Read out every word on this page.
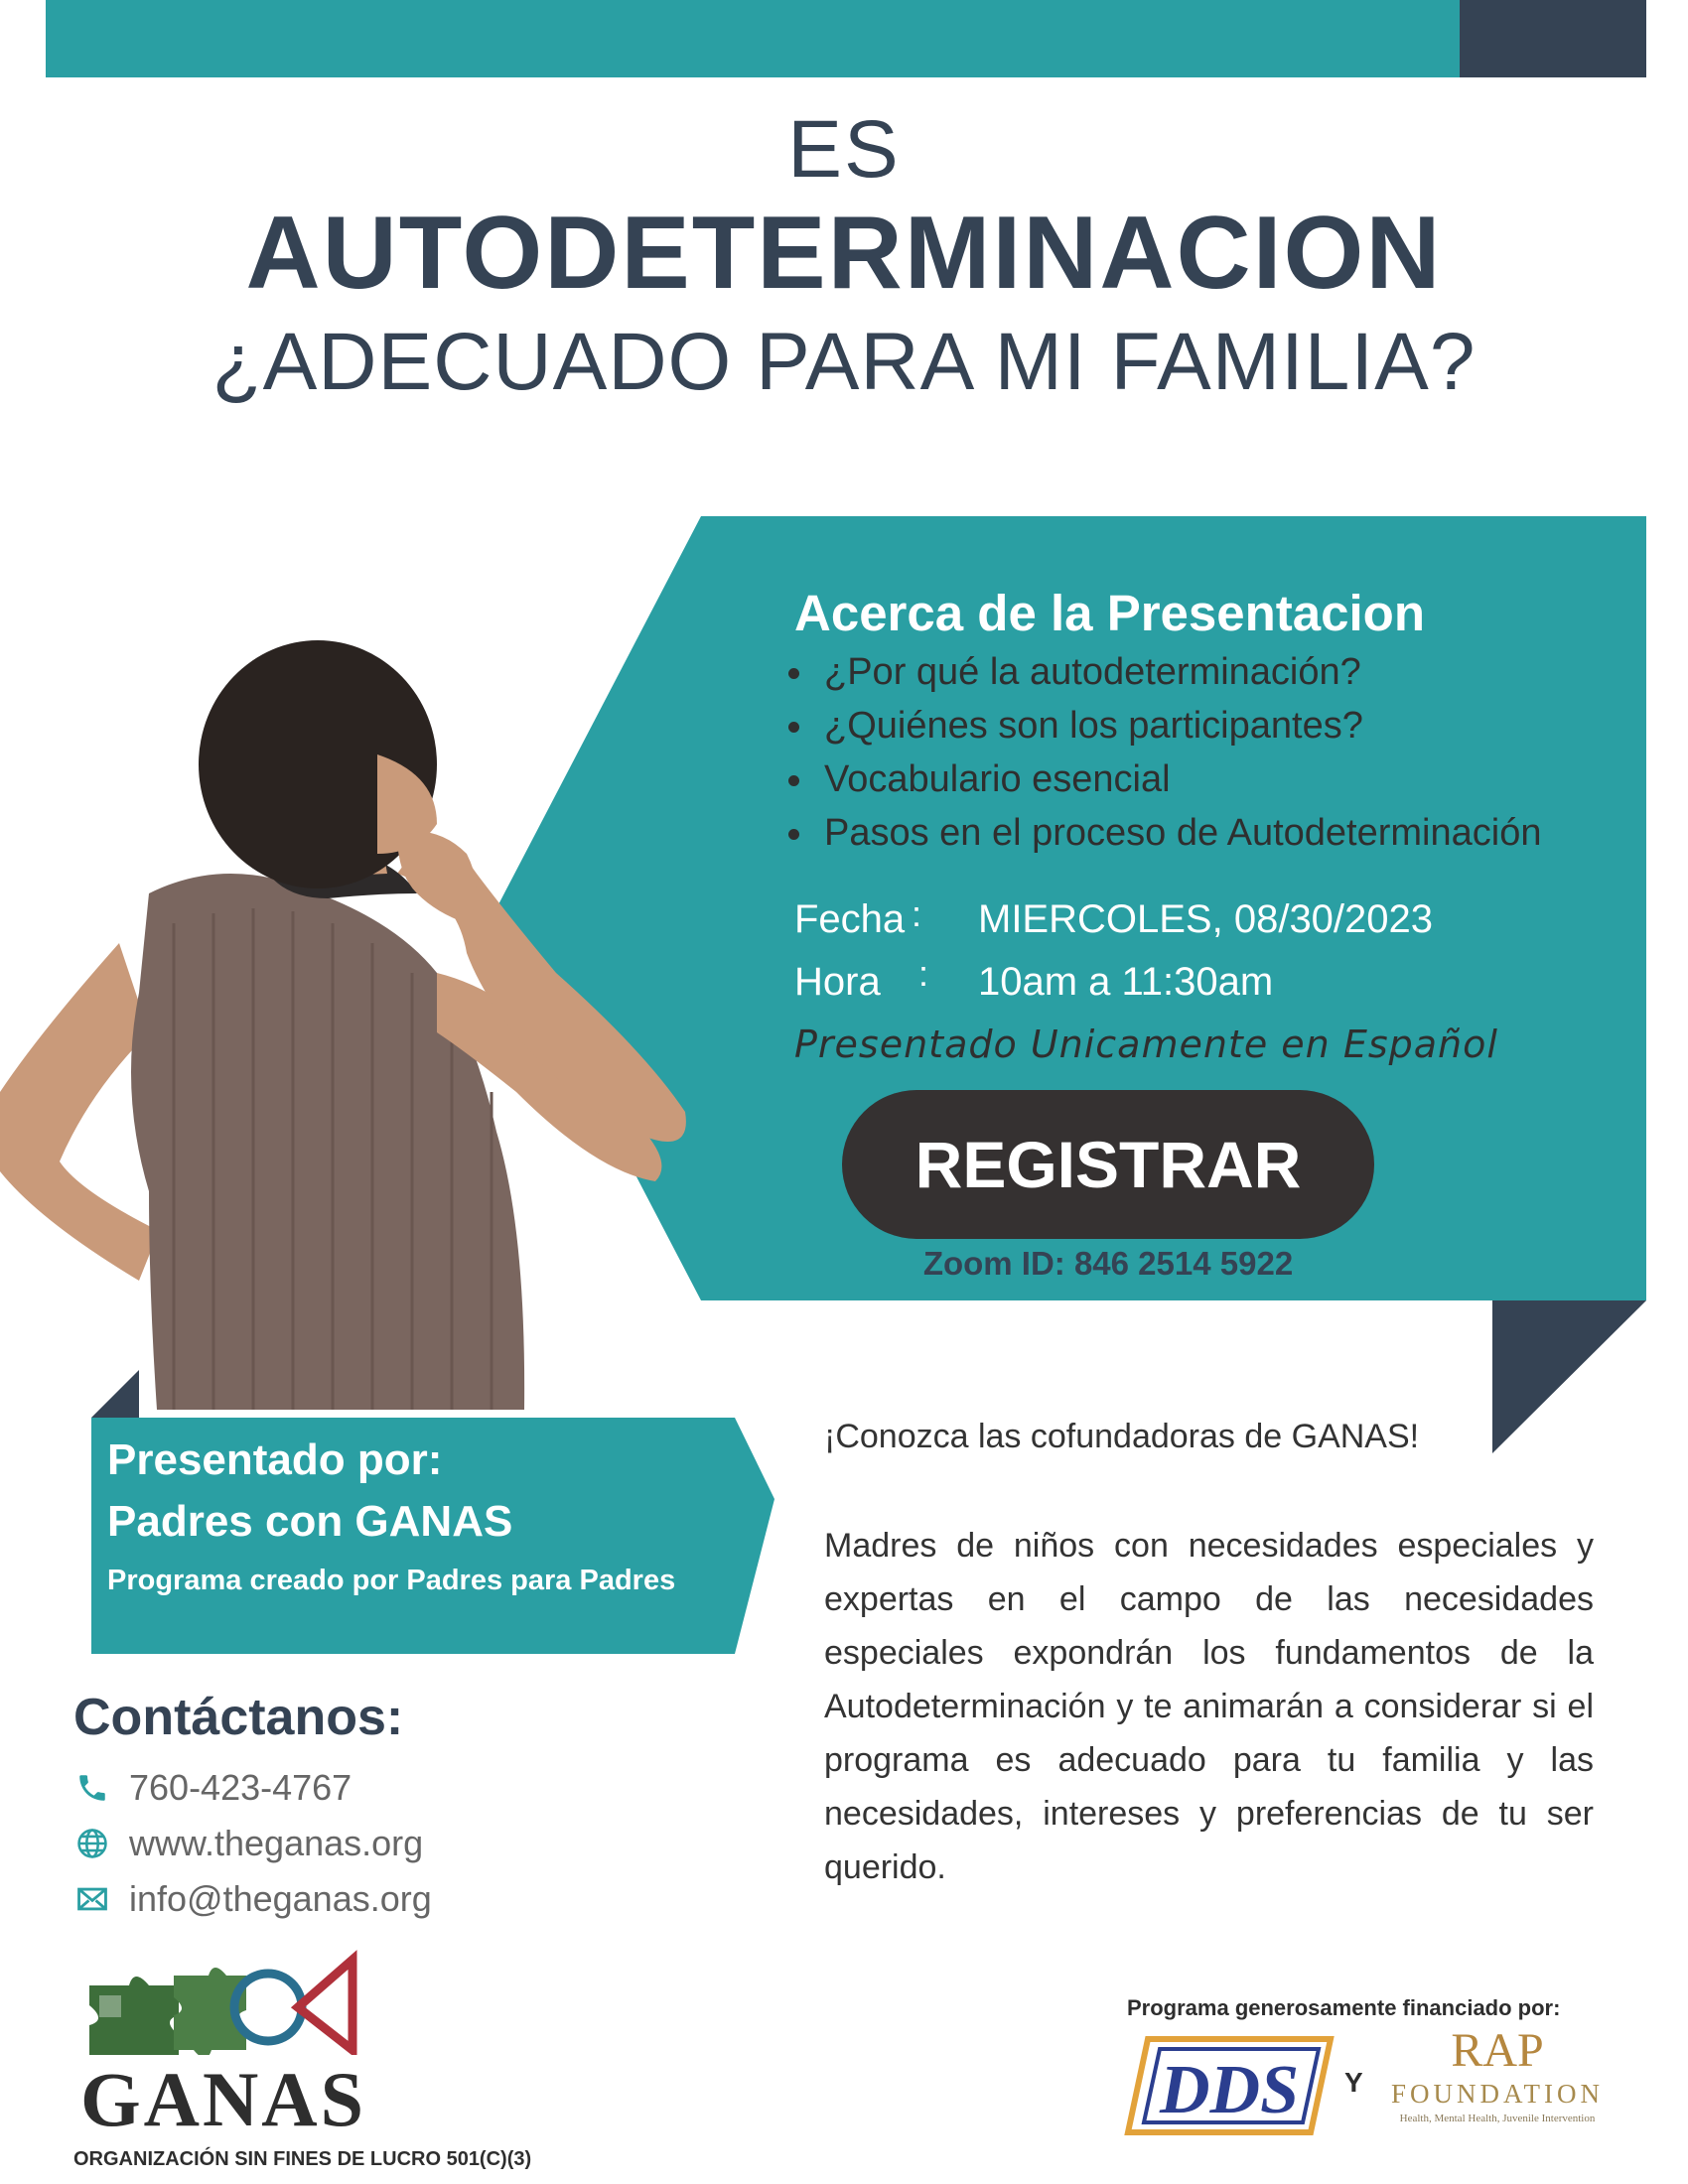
ES
AUTODETERMINACION
¿ADECUADO PARA MI FAMILIA?
Acerca de la Presentacion
¿Por qué la autodeterminación?
¿Quiénes son los participantes?
Vocabulario esencial
Pasos en el proceso de Autodeterminación
Fecha : MIERCOLES, 08/30/2023
Hora : 10am a 11:30am
Presentado Unicamente en Español
REGISTRAR
Zoom ID: 846 2514 5922
Presentado por:
Padres con GANAS
Programa creado por Padres para Padres
¡Conozca las cofundadoras de GANAS!

Madres de niños con necesidades especiales y expertas en el campo de las necesidades especiales expondrán los fundamentos de la Autodeterminación y te animarán a considerar si el programa es adecuado para tu familia y las necesidades, intereses y preferencias de tu ser querido.

Contáctanos:
760-423-4767
www.theganas.org
info@theganas.org
GANAS
ORGANIZACIÓN SIN FINES DE LUCRO 501(C)(3)
Programa generosamente financiado por:
DDS Y
RAP
FOUNDATION
Health, Mental Health, Juvenile Intervention
